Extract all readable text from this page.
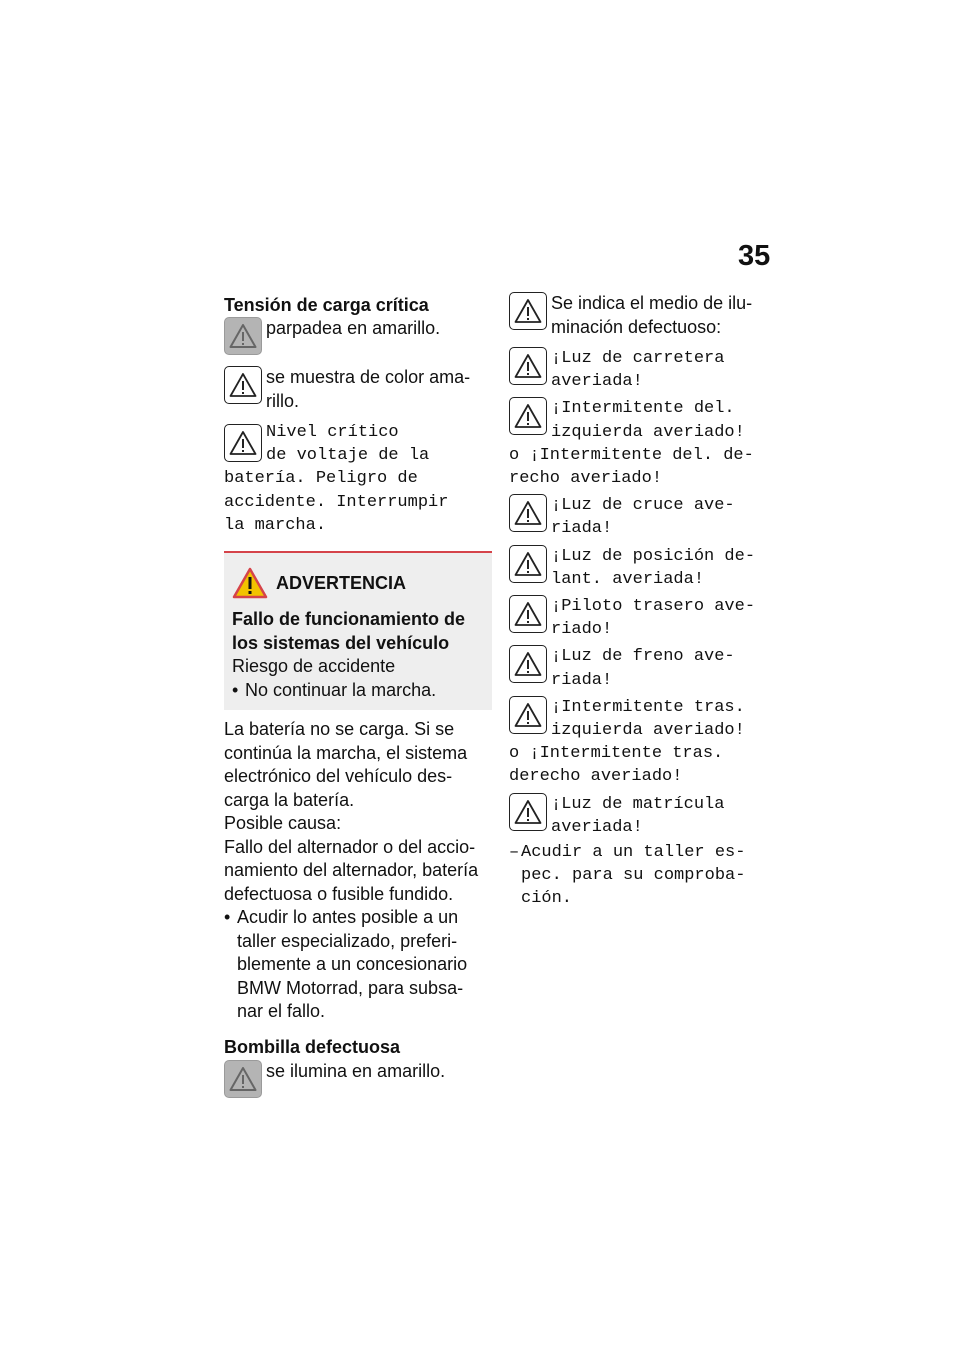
35

Tensión de carga crítica

parpadea en amarillo.

se muestra de color ama-

rillo.

Nivel crítico

de voltaje de la

batería. Peligro de

accidente. Interrumpir

la marcha.

ADVERTENCIA

Fallo de funcionamiento de

los sistemas del vehículo

Riesgo de accidente

• No continuar la marcha.

La batería no se carga. Si se

continúa la marcha, el sistema

electrónico del vehículo des-

carga la batería.

Posible causa:

Fallo del alternador o del accio-

namiento del alternador, batería

defectuosa o fusible fundido.

• Acudir lo antes posible a un

taller especializado, preferi-

blemente a un concesionario

BMW Motorrad, para subsa-

nar el fallo.

Bombilla defectuosa

se ilumina en amarillo.

Se indica el medio de ilu-

minación defectuoso:

¡Luz de carretera

averiada!

¡Intermitente del.

izquierda averiado!

o ¡Intermitente del. de-

recho averiado!

¡Luz de cruce ave-

riada!

¡Luz de posición de-

lant. averiada!

¡Piloto trasero ave-

riado!

¡Luz de freno ave-

riada!

¡Intermitente tras.

izquierda averiado!

o ¡Intermitente tras.

derecho averiado!

¡Luz de matrícula

averiada!

– Acudir a un taller es-

pec. para su comproba-

ción.
